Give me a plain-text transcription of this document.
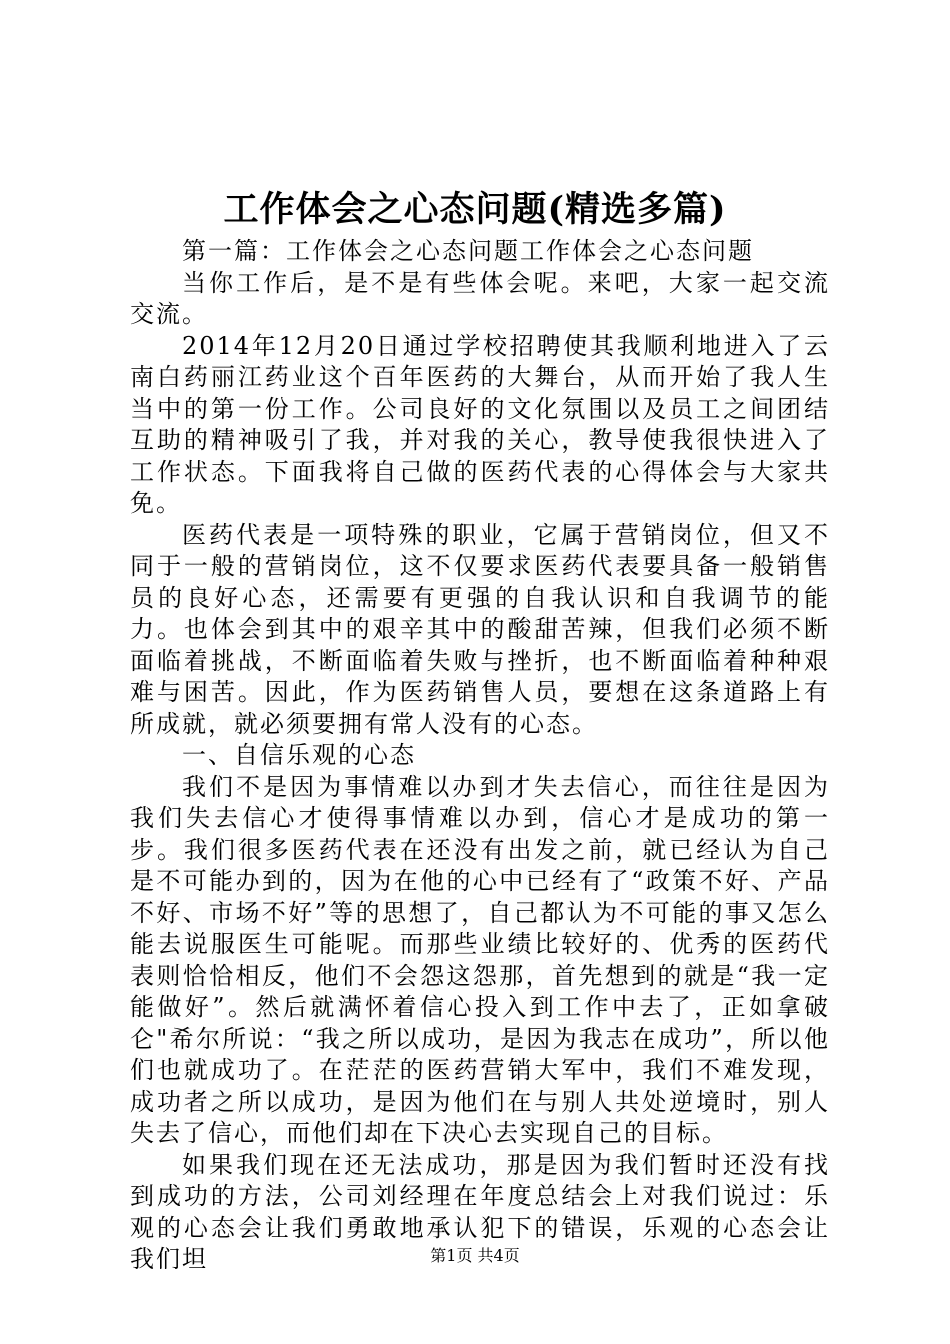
工作体会之心态问题(精选多篇)

第一篇：工作体会之心态问题工作体会之心态问题

当你工作后，是不是有些体会呢。来吧，大家一起交流交流。

2014年12月20日通过学校招聘使其我顺利地进入了云南白药丽江药业这个百年医药的大舞台，从而开始了我人生当中的第一份工作。公司良好的文化氛围以及员工之间团结互助的精神吸引了我，并对我的关心，教导使我很快进入了工作状态。下面我将自己做的医药代表的心得体会与大家共免。

医药代表是一项特殊的职业，它属于营销岗位，但又不同于一般的营销岗位，这不仅要求医药代表要具备一般销售员的良好心态，还需要有更强的自我认识和自我调节的能力。也体会到其中的艰辛其中的酸甜苦辣，但我们必须不断面临着挑战，不断面临着失败与挫折，也不断面临着种种艰难与困苦。因此，作为医药销售人员，要想在这条道路上有所成就，就必须要拥有常人没有的心态。

一、自信乐观的心态

我们不是因为事情难以办到才失去信心，而往往是因为我们失去信心才使得事情难以办到，信心才是成功的第一步。我们很多医药代表在还没有出发之前，就已经认为自己是不可能办到的，因为在他的心中已经有了“政策不好、产品不好、市场不好”等的思想了，自己都认为不可能的事又怎么能去说服医生可能呢。而那些业绩比较好的、优秀的医药代表则恰恰相反，他们不会怨这怨那，首先想到的就是“我一定能做好”。然后就满怀着信心投入到工作中去了，正如拿破仑"希尔所说：“我之所以成功，是因为我志在成功”，所以他们也就成功了。在茫茫的医药营销大军中，我们不难发现，成功者之所以成功，是因为他们在与别人共处逆境时，别人失去了信心，而他们却在下决心去实现自己的目标。

如果我们现在还无法成功，那是因为我们暂时还没有找到成功的方法，公司刘经理在年度总结会上对我们说过：乐观的心态会让我们勇敢地承认犯下的错误，乐观的心态会让我们坦	第1页 共4页
